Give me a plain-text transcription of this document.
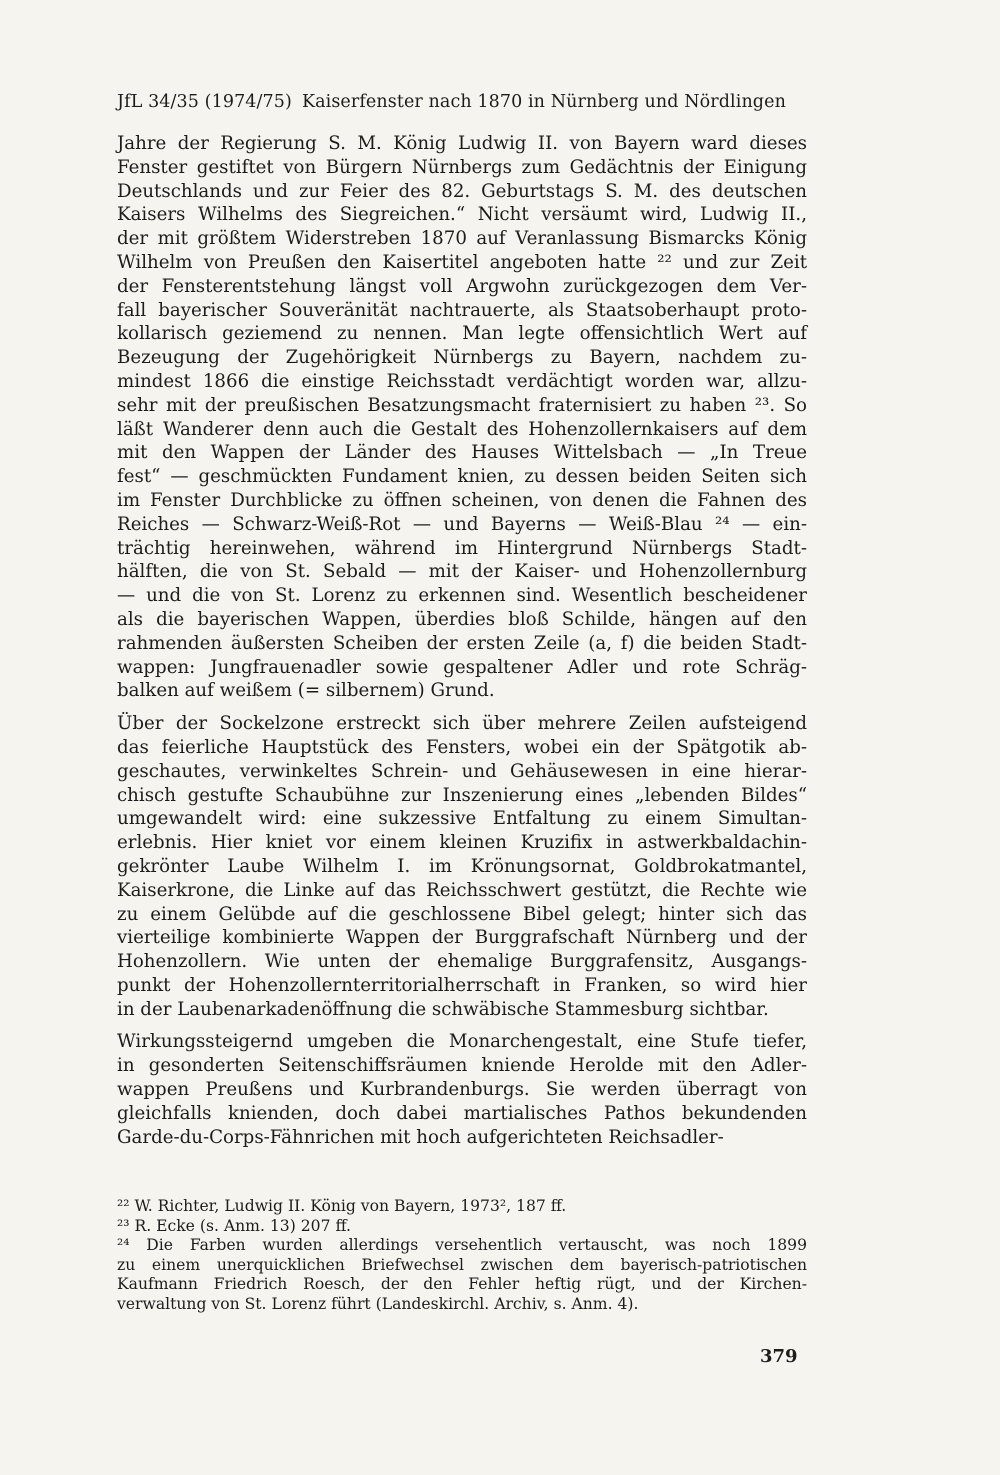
JfL 34/35 (1974/75) Kaiserfenster nach 1870 in Nürnberg und Nördlingen
Jahre der Regierung S. M. König Ludwig II. von Bayern ward dieses
Fenster gestiftet von Bürgern Nürnbergs zum Gedächtnis der Einigung
Deutschlands und zur Feier des 82. Geburtstags S. M. des deutschen
Kaisers Wilhelms des Siegreichen.“ Nicht versäumt wird, Ludwig II.,
der mit größtem Widerstreben 1870 auf Veranlassung Bismarcks König
Wilhelm von Preußen den Kaisertitel angeboten hatte ²² und zur Zeit
der Fensterentstehung längst voll Argwohn zurückgezogen dem Ver-
fall bayerischer Souveränität nachtrauerte, als Staatsoberhaupt proto-
kollarisch geziemend zu nennen. Man legte offensichtlich Wert auf
Bezeugung der Zugehörigkeit Nürnbergs zu Bayern, nachdem zu-
mindest 1866 die einstige Reichsstadt verdächtigt worden war, allzu-
sehr mit der preußischen Besatzungsmacht fraternisiert zu haben ²³. So
läßt Wanderer denn auch die Gestalt des Hohenzollernkaisers auf dem
mit den Wappen der Länder des Hauses Wittelsbach — „In Treue
fest“ — geschmückten Fundament knien, zu dessen beiden Seiten sich
im Fenster Durchblicke zu öffnen scheinen, von denen die Fahnen des
Reiches — Schwarz-Weiß-Rot — und Bayerns — Weiß-Blau ²⁴ — ein-
trächtig hereinwehen, während im Hintergrund Nürnbergs Stadt-
hälften, die von St. Sebald — mit der Kaiser- und Hohenzollernburg
— und die von St. Lorenz zu erkennen sind. Wesentlich bescheidener
als die bayerischen Wappen, überdies bloß Schilde, hängen auf den
rahmenden äußersten Scheiben der ersten Zeile (a, f) die beiden Stadt-
wappen: Jungfrauenadler sowie gespaltener Adler und rote Schräg-
balken auf weißem (= silbernem) Grund.
Über der Sockelzone erstreckt sich über mehrere Zeilen aufsteigend
das feierliche Hauptstück des Fensters, wobei ein der Spätgotik ab-
geschautes, verwinkeltes Schrein- und Gehäusewesen in eine hierar-
chisch gestufte Schaubühne zur Inszenierung eines „lebenden Bildes“
umgewandelt wird: eine sukzessive Entfaltung zu einem Simultan-
erlebnis. Hier kniet vor einem kleinen Kruzifix in astwerkbaldachin-
gekrönter Laube Wilhelm I. im Krönungsornat, Goldbrokatmantel,
Kaiserkrone, die Linke auf das Reichsschwert gestützt, die Rechte wie
zu einem Gelübde auf die geschlossene Bibel gelegt; hinter sich das
vierteilige kombinierte Wappen der Burggrafschaft Nürnberg und der
Hohenzollern. Wie unten der ehemalige Burggrafensitz, Ausgangs-
punkt der Hohenzollernterritorialherrschaft in Franken, so wird hier
in der Laubenarkadenöffnung die schwäbische Stammesburg sichtbar.
Wirkungssteigernd umgeben die Monarchengestalt, eine Stufe tiefer,
in gesonderten Seitenschiffsräumen kniende Herolde mit den Adler-
wappen Preußens und Kurbrandenburgs. Sie werden überragt von
gleichfalls knienden, doch dabei martialisches Pathos bekundenden
Garde-du-Corps-Fähnrichen mit hoch aufgerichteten Reichsadler-
²² W. Richter, Ludwig II. König von Bayern, 1973², 187 ff.
²³ R. Ecke (s. Anm. 13) 207 ff.
²⁴ Die Farben wurden allerdings versehentlich vertauscht, was noch 1899
zu einem unerquicklichen Briefwechsel zwischen dem bayerisch-patriotischen
Kaufmann Friedrich Roesch, der den Fehler heftig rügt, und der Kirchen-
verwaltung von St. Lorenz führt (Landeskirchl. Archiv, s. Anm. 4).
379
